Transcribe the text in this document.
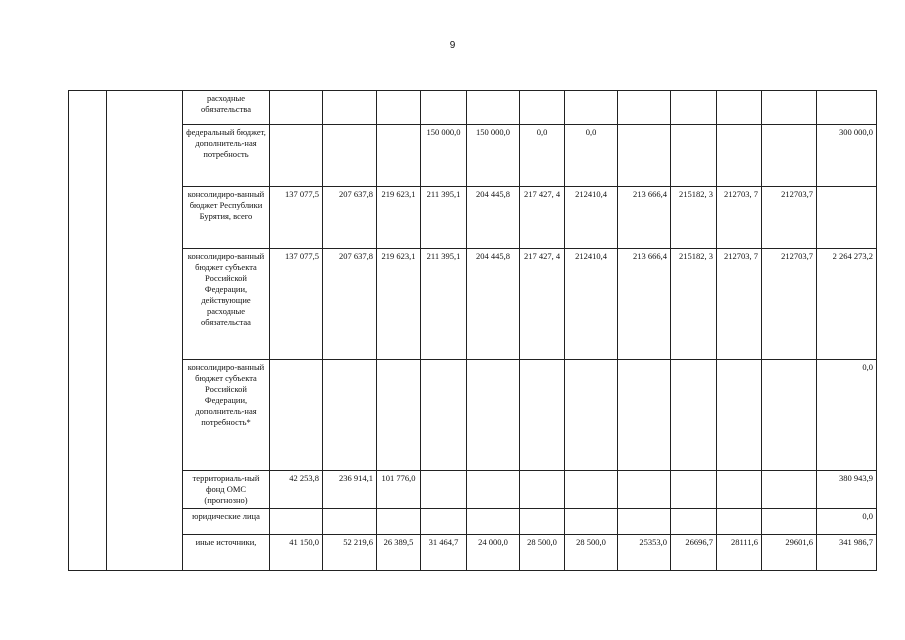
9
		расходные обязательства												
		федеральный бюджет, дополнитель-ная потребность				150 000,0	150 000,0	0,0	0,0					300 000,0
		консолидиро-ванный бюджет Республики Бурятия, всего	137 077,5	207 637,8	219 623,1	211 395,1	204 445,8	217 427, 4	212410,4	213 666,4	215182, 3	212703, 7	212703,7	
		консолидиро-ванный бюджет субъекта Российской Федерации, действующие расходные обязательстаа	137 077,5	207 637,8	219 623,1	211 395,1	204 445,8	217 427, 4	212410,4	213 666,4	215182, 3	212703, 7	212703,7	2 264 273,2
		консолидиро-ванный бюджет субъекта Российской Федерации, дополнитель-ная потребность*												0,0
		территориаль-ный фонд ОМС (прогнозно)	42 253,8	236 914,1	101 776,0									380 943,9
		юридические лица												0,0
		иные источники,	41 150,0	52 219,6	26 389,5	31 464,7	24 000,0	28 500,0	28 500,0	25353,0	26696,7	28111,6	29601,6	341 986,7
